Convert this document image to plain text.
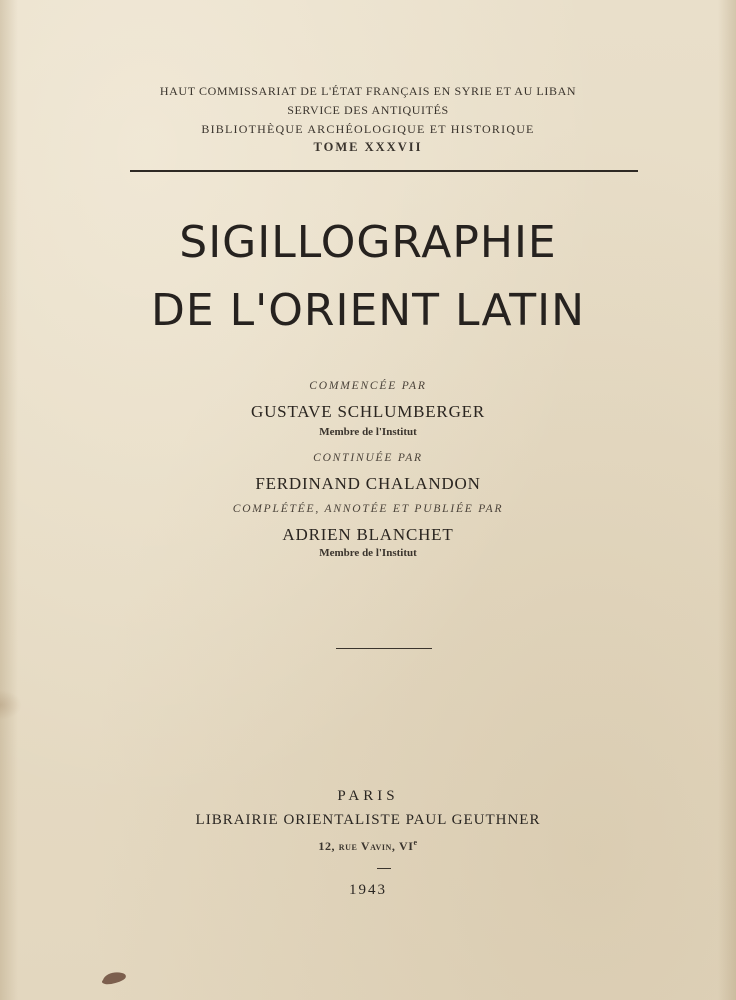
HAUT COMMISSARIAT DE L'ÉTAT FRANÇAIS EN SYRIE ET AU LIBAN
SERVICE DES ANTIQUITÉS
BIBLIOTHÈQUE ARCHÉOLOGIQUE ET HISTORIQUE
TOME XXXVII
SIGILLOGRAPHIE
DE L'ORIENT LATIN
COMMENCÉE PAR
GUSTAVE SCHLUMBERGER
Membre de l'Institut
CONTINUÉE PAR
FERDINAND CHALANDON
COMPLÉTÉE, ANNOTÉE ET PUBLIÉE PAR
ADRIEN BLANCHET
Membre de l'Institut
PARIS
LIBRAIRIE ORIENTALISTE PAUL GEUTHNER
12, rue Vavin, VIe
1943
